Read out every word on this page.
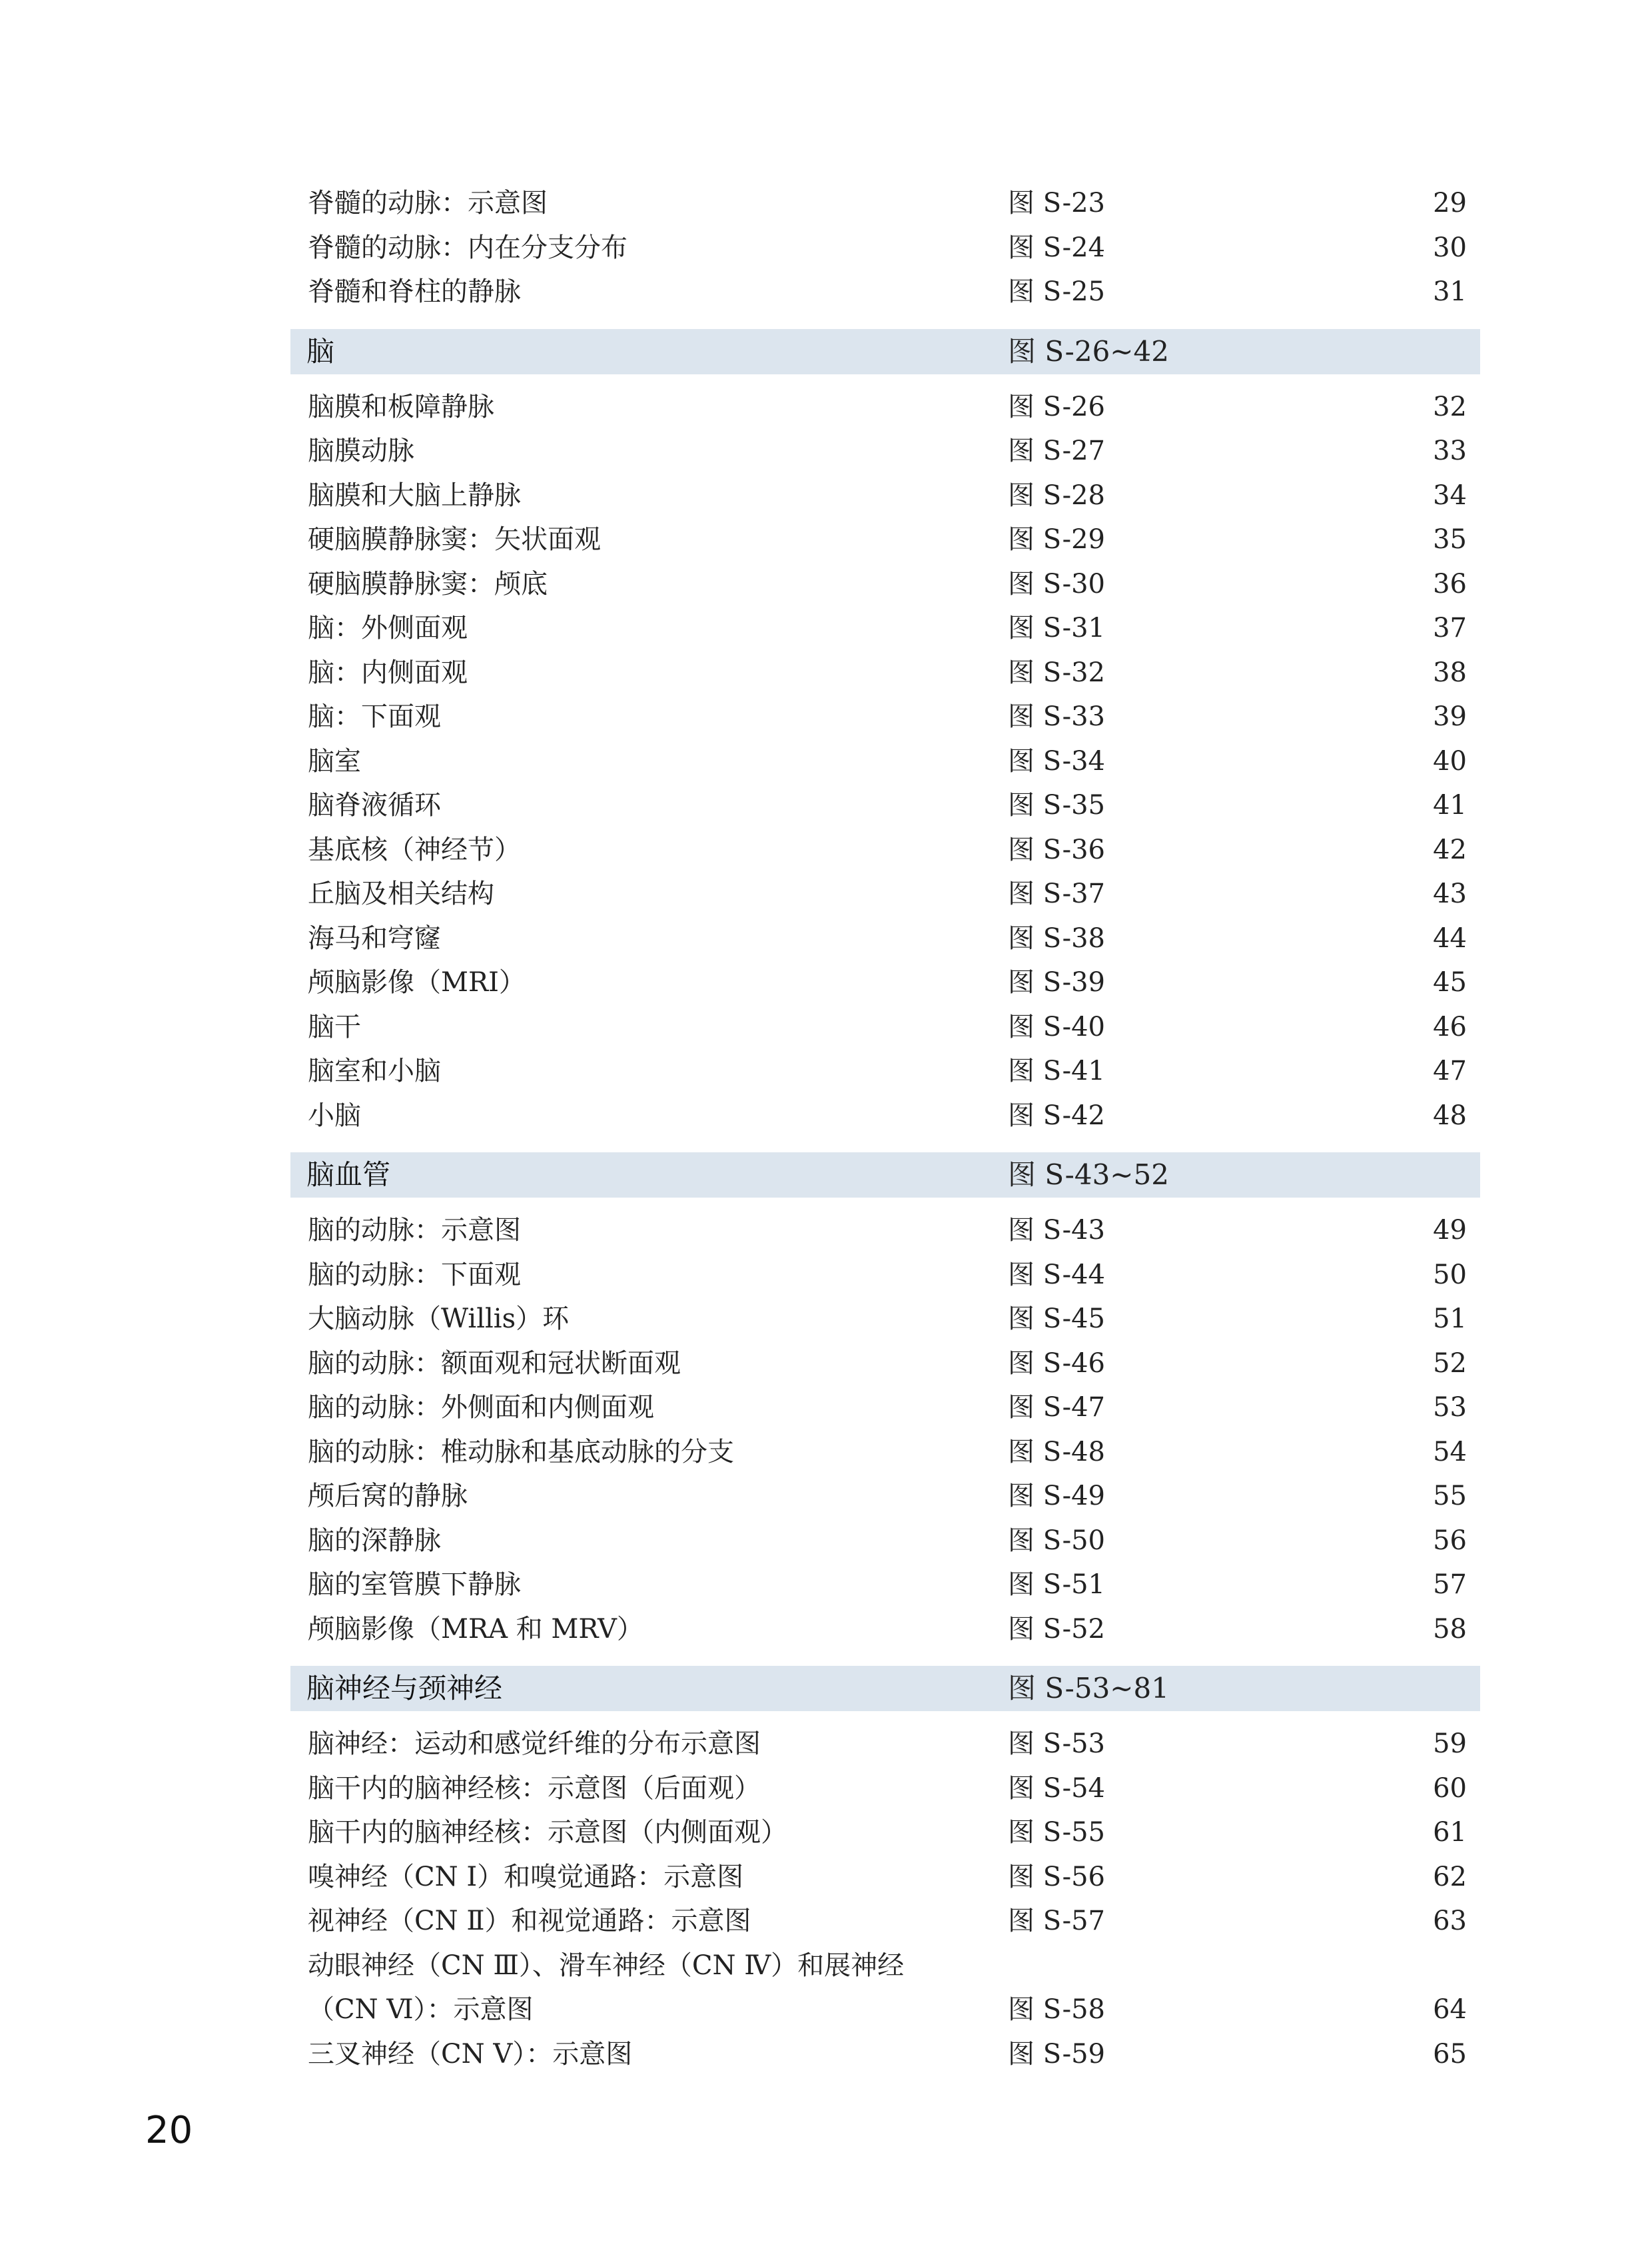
脊髓的动脉：示意图	图 S-23	29
脊髓的动脉：内在分支分布	图 S-24	30
脊髓和脊柱的静脉	图 S-25	31
脑	图 S-26~42
脑膜和板障静脉	图 S-26	32
脑膜动脉	图 S-27	33
脑膜和大脑上静脉	图 S-28	34
硬脑膜静脉窦：矢状面观	图 S-29	35
硬脑膜静脉窦：颅底	图 S-30	36
脑：外侧面观	图 S-31	37
脑：内侧面观	图 S-32	38
脑：下面观	图 S-33	39
脑室	图 S-34	40
脑脊液循环	图 S-35	41
基底核（神经节）	图 S-36	42
丘脑及相关结构	图 S-37	43
海马和穹窿	图 S-38	44
颅脑影像（MRI）	图 S-39	45
脑干	图 S-40	46
脑室和小脑	图 S-41	47
小脑	图 S-42	48
脑血管	图 S-43~52
脑的动脉：示意图	图 S-43	49
脑的动脉：下面观	图 S-44	50
大脑动脉（Willis）环	图 S-45	51
脑的动脉：额面观和冠状断面观	图 S-46	52
脑的动脉：外侧面和内侧面观	图 S-47	53
脑的动脉：椎动脉和基底动脉的分支	图 S-48	54
颅后窝的静脉	图 S-49	55
脑的深静脉	图 S-50	56
脑的室管膜下静脉	图 S-51	57
颅脑影像（MRA 和 MRV）	图 S-52	58
脑神经与颈神经	图 S-53~81
脑神经：运动和感觉纤维的分布示意图	图 S-53	59
脑干内的脑神经核：示意图（后面观）	图 S-54	60
脑干内的脑神经核：示意图（内侧面观）	图 S-55	61
嗅神经（CN Ⅰ）和嗅觉通路：示意图	图 S-56	62
视神经（CN Ⅱ）和视觉通路：示意图	图 S-57	63
动眼神经（CN Ⅲ）、滑车神经（CN Ⅳ）和展神经
（CN Ⅵ）：示意图	图 S-58	64
三叉神经（CN Ⅴ）：示意图	图 S-59	65
20
